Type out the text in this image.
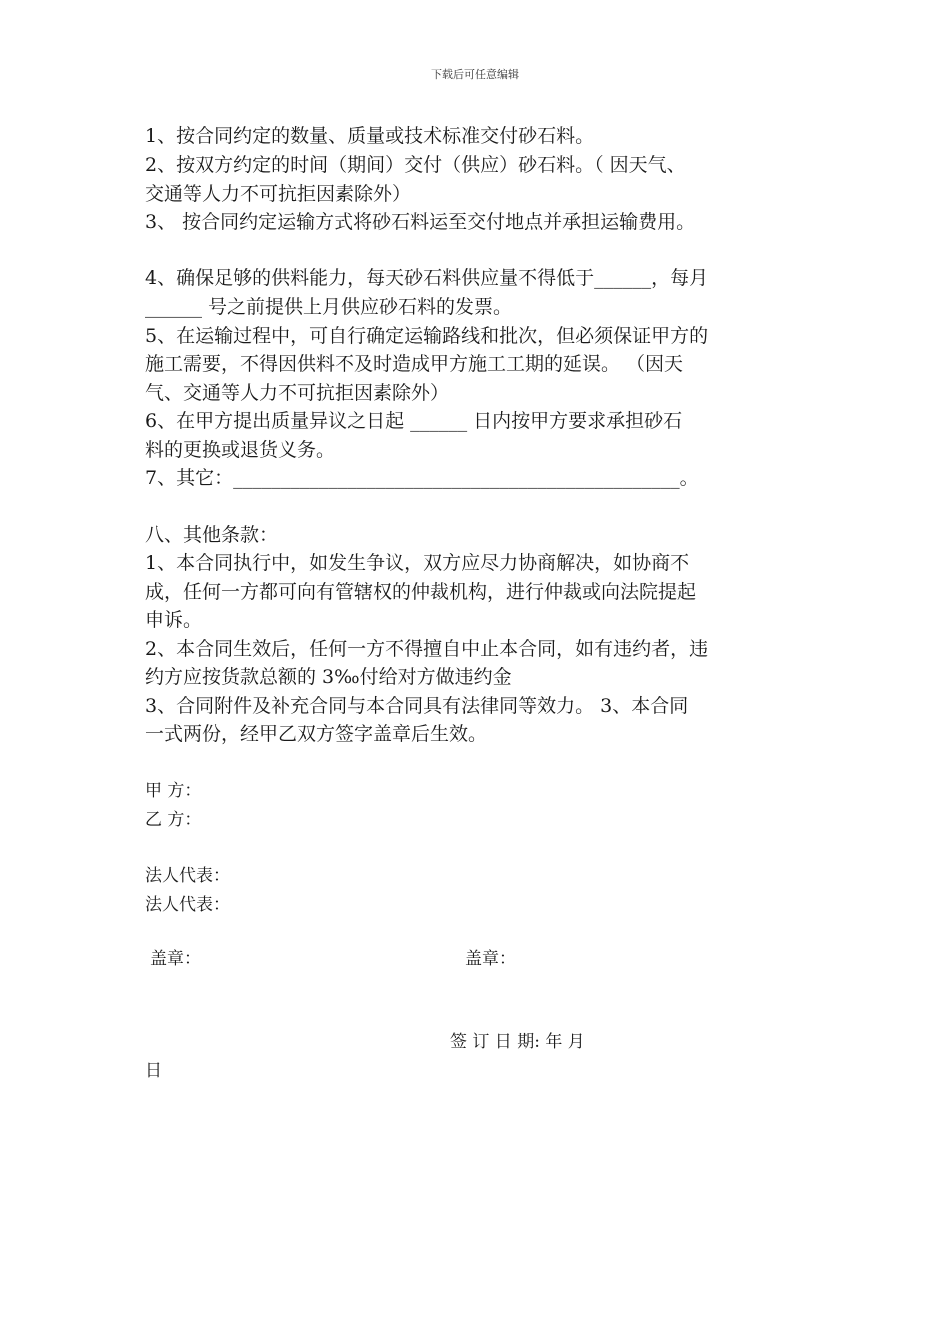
下载后可任意编辑
1、按合同约定的数量、质量或技术标准交付砂石料。
2、按双方约定的时间（期间）交付（供应）砂石料。（ 因天气、
交通等人力不可抗拒因素除外）
3、 按合同约定运输方式将砂石料运至交付地点并承担运输费用。
4、确保足够的供料能力，每天砂石料供应量不得低于______，每月
______ 号之前提供上月供应砂石料的发票。
5、在运输过程中，可自行确定运输路线和批次，但必须保证甲方的
施工需要，不得因供料不及时造成甲方施工工期的延误。 （因天
气、交通等人力不可抗拒因素除外）
6、在甲方提出质量异议之日起 ______ 日内按甲方要求承担砂石
料的更换或退货义务。
7、其它：_______________________________________________。
八、其他条款：
1、本合同执行中，如发生争议，双方应尽力协商解决，如协商不
成，任何一方都可向有管辖权的仲裁机构，进行仲裁或向法院提起
申诉。
2、本合同生效后，任何一方不得擅自中止本合同，如有违约者，违
约方应按货款总额的 3‰付给对方做违约金
3、合同附件及补充合同与本合同具有法律同等效力。 3、本合同
一式两份，经甲乙双方签字盖章后生效。
甲 方：
乙 方：
法人代表：
法人代表：
盖章：	盖章：
签 订 日 期: 年 月
日
